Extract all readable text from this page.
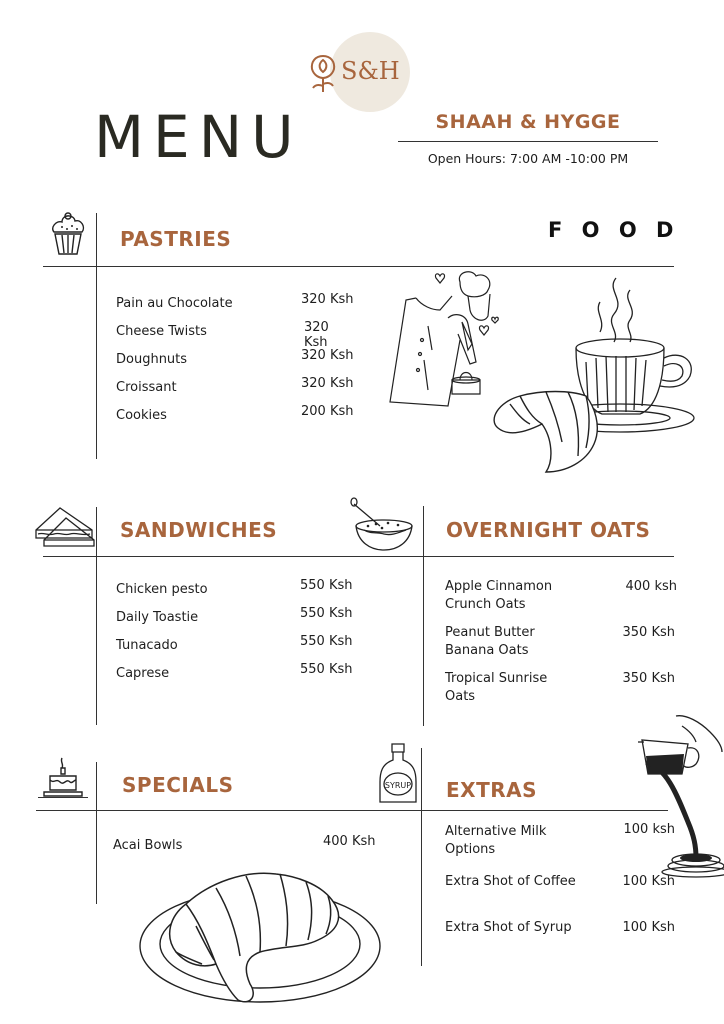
S&H
MENU	SHAAH & HYGGE
Open Hours: 7:00 AM -10:00 PM
PASTRIES	F O O D
Pain au Chocolate	320 Ksh
Cheese Twists	320 Ksh
Doughnuts	320 Ksh
Croissant	320 Ksh
Cookies	200 Ksh
SANDWICHES	OVERNIGHT OATS
Chicken pesto	550 Ksh
Daily Toastie	550 Ksh
Tunacado	550 Ksh
Caprese	550 Ksh
Apple Cinnamon
Crunch Oats
400 ksh
Peanut Butter
Banana Oats
350 Ksh
Tropical Sunrise
Oats
350 Ksh
SPECIALS	SYRUP EXTRAS
Acai Bowls	400 Ksh
Alternative Milk
Options
100 ksh
Extra Shot of Coffee	100 Ksh
Extra Shot of Syrup	100 Ksh
